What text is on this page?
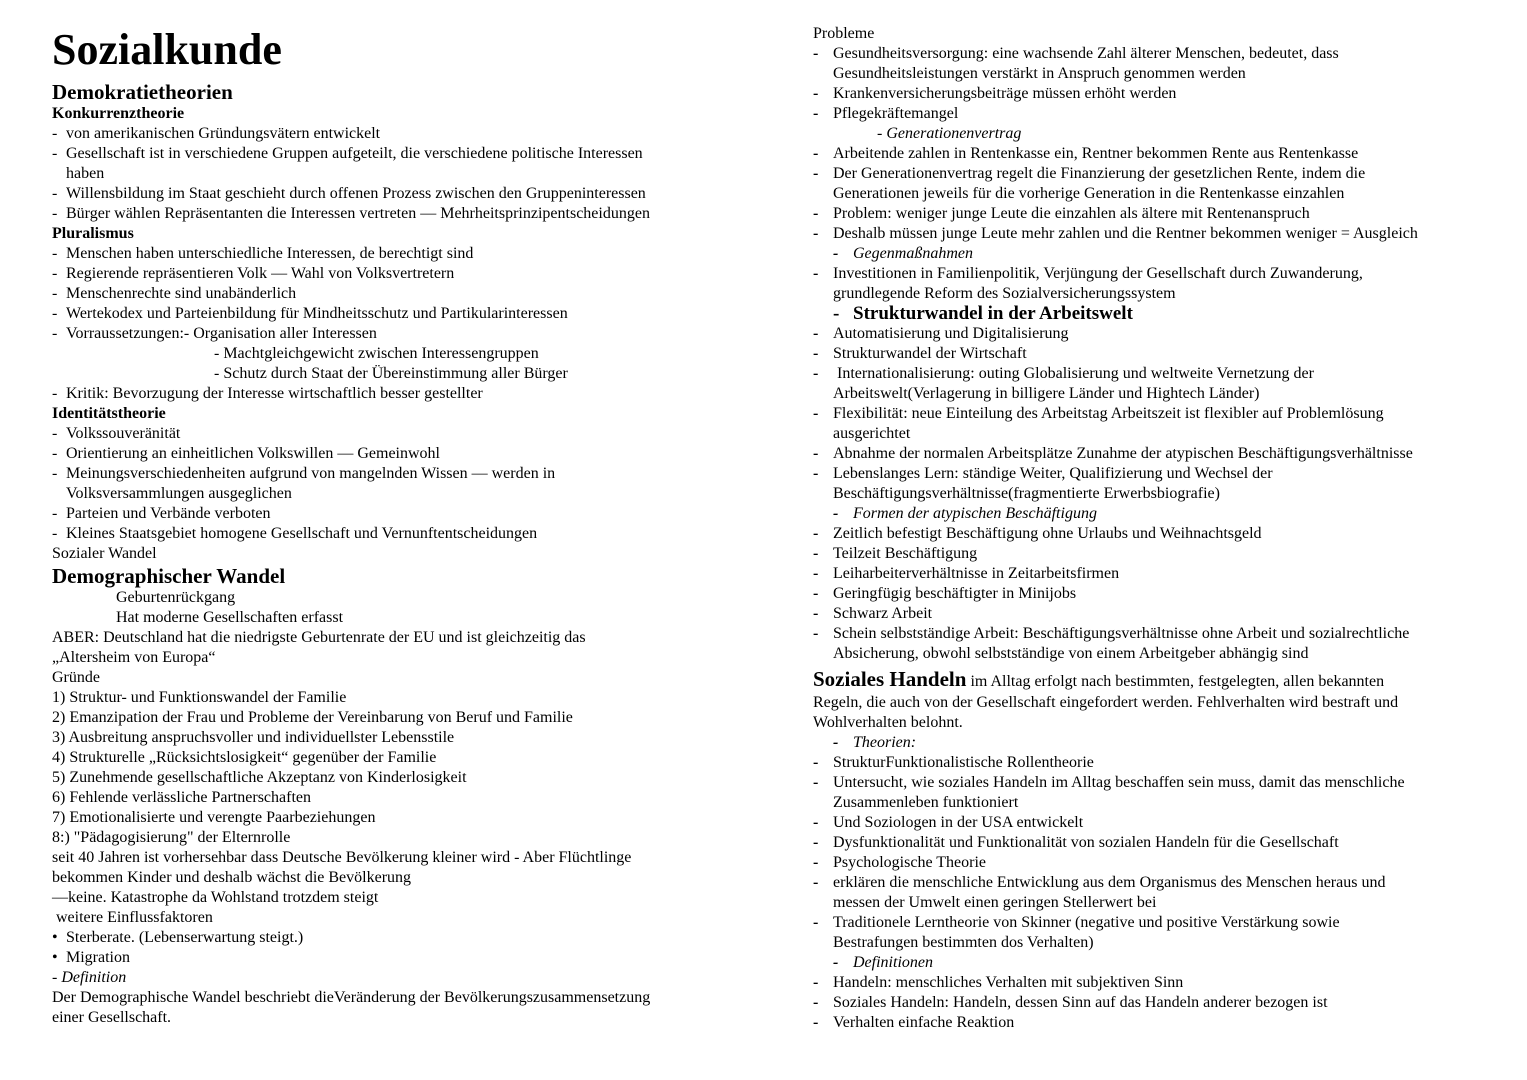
Sozialkunde
Demokratietheorien
Konkurrenztheorie
- von amerikanischen Gründungsvätern entwickelt
- Gesellschaft ist in verschiedene Gruppen aufgeteilt, die verschiedene politische Interessen
haben
- Willensbildung im Staat geschieht durch offenen Prozess zwischen den Gruppeninteressen
- Bürger wählen Repräsentanten die Interessen vertreten — Mehrheitsprinzipentscheidungen
Pluralismus
- Menschen haben unterschiedliche Interessen, de berechtigt sind
- Regierende repräsentieren Volk — Wahl von Volksvertretern
- Menschenrechte sind unabänderlich
- Wertekodex und Parteienbildung für Mindheitsschutz und Partikularinteressen
- Vorraussetzungen:- Organisation aller Interessen
- Machtgleichgewicht zwischen Interessengruppen
- Schutz durch Staat der Übereinstimmung aller Bürger
- Kritik: Bevorzugung der Interesse wirtschaftlich besser gestellter
Identitätstheorie
- Volkssouveränität
- Orientierung an einheitlichen Volkswillen — Gemeinwohl
- Meinungsverschiedenheiten aufgrund von mangelnden Wissen — werden in
Volksversammlungen ausgeglichen
- Parteien und Verbände verboten
- Kleines Staatsgebiet homogene Gesellschaft und Vernunftentscheidungen
Sozialer Wandel
Demographischer Wandel
Geburtenrückgang
Hat moderne Gesellschaften erfasst
ABER: Deutschland hat die niedrigste Geburtenrate der EU und ist gleichzeitig das
„Altersheim von Europa“
Gründe
1) Struktur- und Funktionswandel der Familie
2) Emanzipation der Frau und Probleme der Vereinbarung von Beruf und Familie
3) Ausbreitung anspruchsvoller und individuellster Lebensstile
4) Strukturelle „Rücksichtslosigkeit“ gegenüber der Familie
5) Zunehmende gesellschaftliche Akzeptanz von Kinderlosigkeit
6) Fehlende verlässliche Partnerschaften
7) Emotionalisierte und verengte Paarbeziehungen
8:) "Pädagogisierung" der Elternrolle
seit 40 Jahren ist vorhersehbar dass Deutsche Bevölkerung kleiner wird - Aber Flüchtlinge
bekommen Kinder und deshalb wächst die Bevölkerung
—keine. Katastrophe da Wohlstand trotzdem steigt
weitere Einflussfaktoren
• Sterberate. (Lebenserwartung steigt.)
• Migration
- Definition
Der Demographische Wandel beschriebt dieVeränderung der Bevölkerungszusammensetzung
einer Gesellschaft.
Probleme
- Gesundheitsversorgung: eine wachsende Zahl älterer Menschen, bedeutet, dass
Gesundheitsleistungen verstärkt in Anspruch genommen werden
- Krankenversicherungsbeiträge müssen erhöht werden
- Pflegekräftemangel
- Generationenvertrag
- Arbeitende zahlen in Rentenkasse ein, Rentner bekommen Rente aus Rentenkasse
- Der Generationenvertrag regelt die Finanzierung der gesetzlichen Rente, indem die
Generationen jeweils für die vorherige Generation in die Rentenkasse einzahlen
- Problem: weniger junge Leute die einzahlen als ältere mit Rentenanspruch
- Deshalb müssen junge Leute mehr zahlen und die Rentner bekommen weniger = Ausgleich
- Gegenmaßnahmen
- Investitionen in Familienpolitik, Verjüngung der Gesellschaft durch Zuwanderung,
grundlegende Reform des Sozialversicherungssystem
- Strukturwandel in der Arbeitswelt
- Automatisierung und Digitalisierung
- Strukturwandel der Wirtschaft
-  Internationalisierung: outing Globalisierung und weltweite Vernetzung der
Arbeitswelt(Verlagerung in billigere Länder und Hightech Länder)
- Flexibilität: neue Einteilung des Arbeitstag Arbeitszeit ist flexibler auf Problemlösung
ausgerichtet
- Abnahme der normalen Arbeitsplätze Zunahme der atypischen Beschäftigungsverhältnisse
- Lebenslanges Lern: ständige Weiter, Qualifizierung und Wechsel der
Beschäftigungsverhältnisse(fragmentierte Erwerbsbiografie)
- Formen der atypischen Beschäftigung
- Zeitlich befestigt Beschäftigung ohne Urlaubs und Weihnachtsgeld
- Teilzeit Beschäftigung
- Leiharbeiterverhältnisse in Zeitarbeitsfirmen
- Geringfügig beschäftigter in Minijobs
- Schwarz Arbeit
- Schein selbstständige Arbeit: Beschäftigungsverhältnisse ohne Arbeit und sozialrechtliche
Absicherung, obwohl selbstständige von einem Arbeitgeber abhängig sind
Soziales Handeln im Alltag erfolgt nach bestimmten, festgelegten, allen bekannten
Regeln, die auch von der Gesellschaft eingefordert werden. Fehlverhalten wird bestraft und
Wohlverhalten belohnt.
- Theorien:
- StrukturFunktionalistische Rollentheorie
- Untersucht, wie soziales Handeln im Alltag beschaffen sein muss, damit das menschliche
Zusammenleben funktioniert
- Und Soziologen in der USA entwickelt
- Dysfunktionalität und Funktionalität von sozialen Handeln für die Gesellschaft
- Psychologische Theorie
- erklären die menschliche Entwicklung aus dem Organismus des Menschen heraus und
messen der Umwelt einen geringen Stellerwert bei
- Traditionele Lerntheorie von Skinner (negative und positive Verstärkung sowie
Bestrafungen bestimmten dos Verhalten)
- Definitionen
- Handeln: menschliches Verhalten mit subjektiven Sinn
- Soziales Handeln: Handeln, dessen Sinn auf das Handeln anderer bezogen ist
- Verhalten einfache Reaktion
